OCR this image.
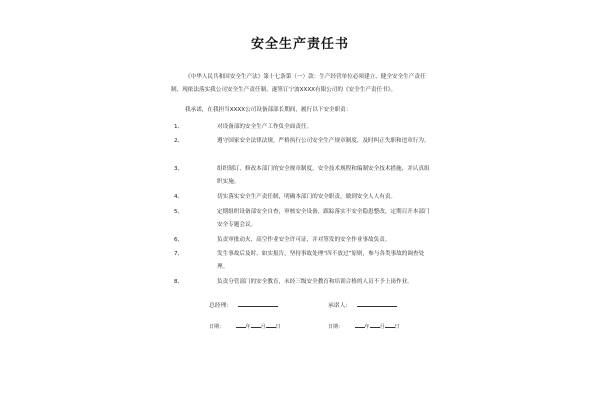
安全生产责任书
《中华人民共和国安全生产法》第十七条第（一）款：生产经营单位必须建立、健全安全生产责任制，现依法落实我公司安全生产责任制，遂签订宁波XXXX有限公司的《安全生产责任书》。
我承诺，在我担当XXXX公司设备部部长期间，履行以下安全职责：
1、	对设备部的安全生产工作负全面责任。
2、	遵守国家安全法律法规，严格执行公司安全生产规章制度，及时纠正失职和违章行为。
3、	组织制订、修改本部门的安全规章制度，安全技术规程和编制安全技术措施，并认真组织实施。
4、	切实落实安全生产责任制，明确本部门的安全职责，做到安全人人有责。
5、	定期组织设备部安全自查，审核安全设备，跟踪落实不安全隐患整改，定期召开本部门安全专题会议。
6、	负责审批动火、高空作业安全许可证，并对签发的安全作业事故负责。
7、	发生事故后及时、如实报告，坚持事故处理“四不放过”原则，参与各类事故的调查处理。
8、	负责分管部门的安全教育，未经三级安全教育和培训合格的人员不予上岗作业。
总经理：	承诺人：
日期：	年 月 日	日期：	年 月 日
